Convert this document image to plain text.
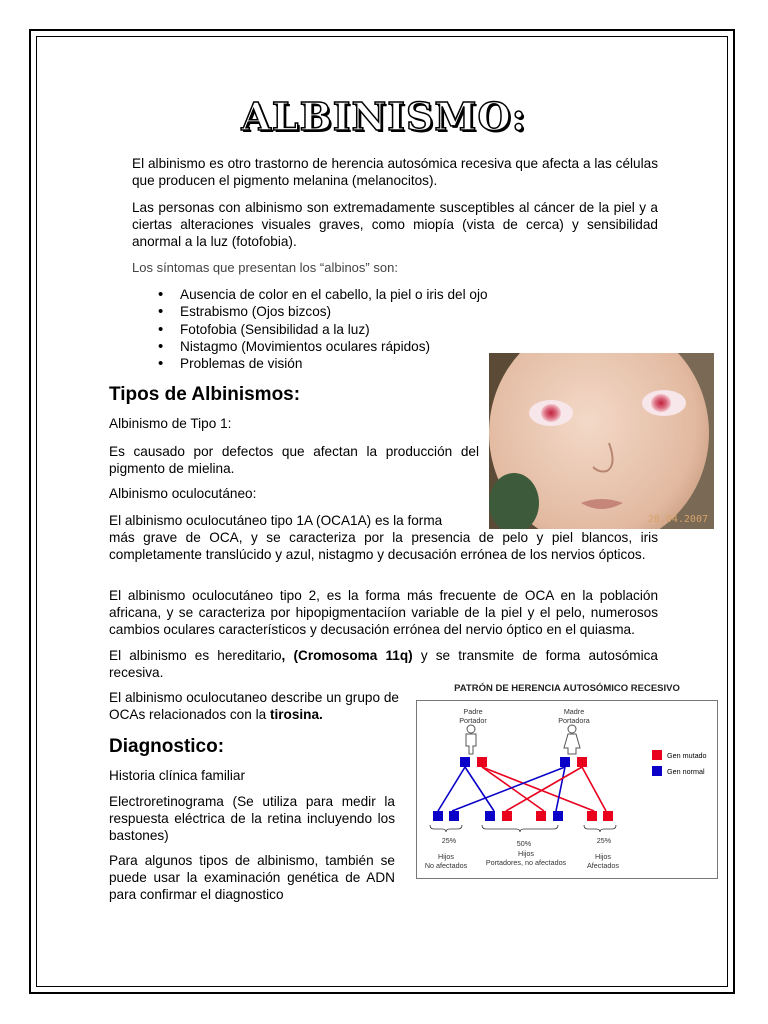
ALBINISMO:

El albinismo es otro trastorno de herencia autosómica recesiva que afecta a las células que producen el pigmento melanina (melanocitos).

Las personas con albinismo son extremadamente susceptibles al cáncer de la piel y a ciertas alteraciones visuales graves, como miopía (vista de cerca) y sensibilidad anormal a la luz (fotofobia).

Los síntomas que presentan los “albinos” son:

• Ausencia de color en el cabello, la piel o iris del ojo
• Estrabismo (Ojos bizcos)
• Fotofobia (Sensibilidad a la luz)
• Nistagmo (Movimientos oculares rápidos)
• Problemas de visión
28.04.2007
Tipos de Albinismos:

Albinismo de Tipo 1:

Es causado por defectos que afectan la producción del pigmento de mielina.

Albinismo oculocutáneo:

El albinismo oculocutáneo tipo 1A (OCA1A) es la forma

más grave de OCA, y se caracteriza por la presencia de pelo y piel blancos, iris completamente translúcido y azul, nistagmo y decusación errónea de los nervios ópticos.

El albinismo oculocutáneo tipo 2, es la forma más frecuente de OCA en la población africana, y se caracteriza por hipopigmentaciíon variable de la piel y el pelo, numerosos cambios oculares característicos y decusación errónea del nervio óptico en el quiasma.

El albinismo es hereditario, (Cromosoma 11q) y se transmite de forma autosómica recesiva.

El albinismo oculocutaneo describe un grupo de OCAs relacionados con la tirosina.

Diagnostico:

Historia clínica familiar

Electroretinograma (Se utiliza para medir la respuesta eléctrica de la retina incluyendo los bastones)

Para algunos tipos de albinismo, también se puede usar la examinación genética de ADN para confirmar el diagnostico

PATRÓN DE HERENCIA AUTOSÓMICO RECESIVO
Padre
Portador
Madre
Portadora
Gen mutado
Gen normal
25%	50%	25%
Hijos
No afectados
Hijos
Portadores, no afectados
Hijos
Afectados
